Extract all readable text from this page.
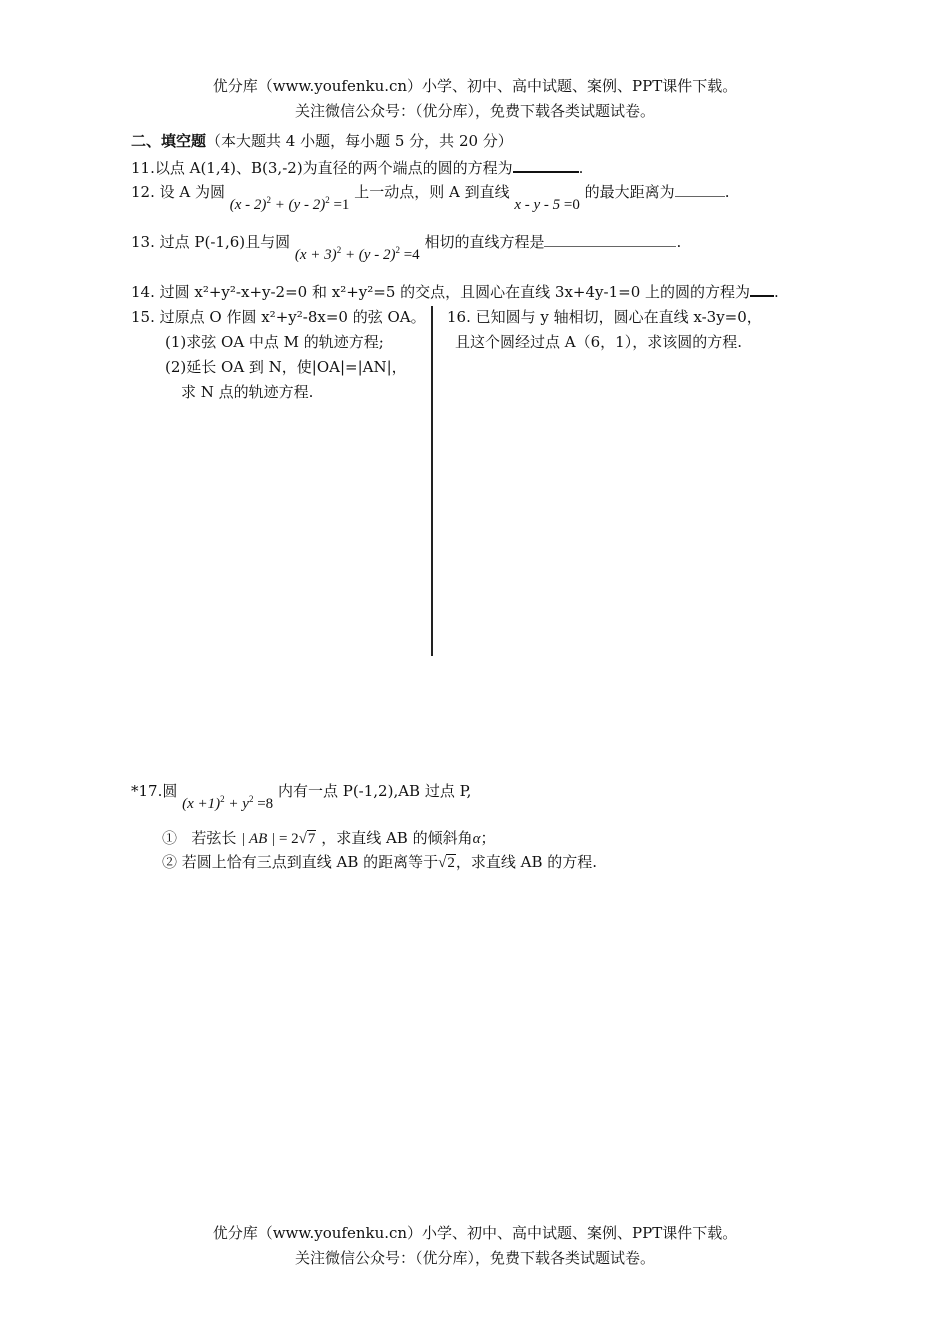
优分库（www.youfenku.cn）小学、初中、高中试题、案例、PPT课件下载。
关注微信公众号：（优分库），免费下载各类试题试卷。
二、填空题（本大题共 4 小题，每小题 5 分，共 20 分）
11.以点 A(1,4)、B(3,-2)为直径的两个端点的圆的方程为	.
12. 设 A 为圆 (x - 2)$^2$ + (y - 2)$^2$ =1 上一动点，则 A 到直线 x - y - 5 =0 的最大距离为	.
13. 过点 P(-1,6)且与圆 $(x + 3)^2 + (y - 2)^2 =4$ 相切的直线方程是	.
14. 过圆 x²+y²-x+y-2=0 和 x²+y²=5 的交点，且圆心在直线 3x+4y-1=0 上的圆的方程为 .
15. 过原点 O 作圆 x²+y²-8x=0 的弦 OA。
(1)求弦 OA 中点 M 的轨迹方程;
(2)延长 OA 到 N，使|OA|=|AN|，
求 N 点的轨迹方程.
16. 已知圆与 y 轴相切，圆心在直线 x-3y=0，
且这个圆经过点 A（6，1），求该圆的方程.
*17.圆 $(x +1)^2 + y^2 =8$ 内有一点 P(-1,2),AB 过点 P,
① 若弦长 | AB | = 2√7 ，求直线 AB 的倾斜角α；
② 若圆上恰有三点到直线 AB 的距离等于√2，求直线 AB 的方程.
优分库（www.youfenku.cn）小学、初中、高中试题、案例、PPT课件下载。
关注微信公众号：（优分库），免费下载各类试题试卷。
